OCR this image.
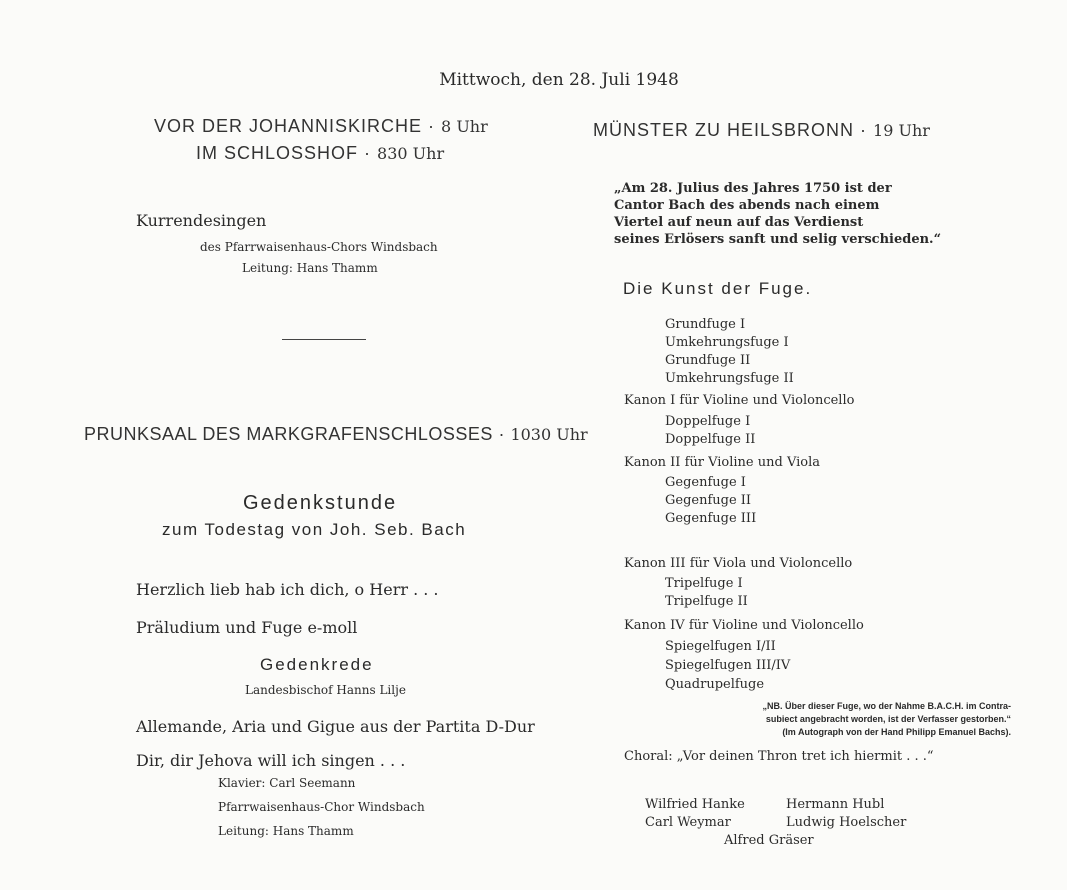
Mittwoch, den 28. Juli 1948
VOR DER JOHANNISKIRCHE · 8 Uhr
IM SCHLOSSHOF · 830 Uhr
Kurrendesingen
des Pfarrwaisenhaus-Chors Windsbach
Leitung: Hans Thamm
PRUNKSAAL DES MARKGRAFENSCHLOSSES · 1030 Uhr
Gedenkstunde
zum Todestag von Joh. Seb. Bach
Herzlich lieb hab ich dich, o Herr . . .
Präludium und Fuge e-moll
Gedenkrede
Landesbischof Hanns Lilje
Allemande, Aria und Gigue aus der Partita D-Dur
Dir, dir Jehova will ich singen . . .
Klavier: Carl Seemann
Pfarrwaisenhaus-Chor Windsbach
Leitung: Hans Thamm
MÜNSTER ZU HEILSBRONN · 19 Uhr
„Am 28. Julius des Jahres 1750 ist der
Cantor Bach des abends nach einem
Viertel auf neun auf das Verdienst
seines Erlösers sanft und selig verschieden.“
Die Kunst der Fuge.
Grundfuge I
Umkehrungsfuge I
Grundfuge II
Umkehrungsfuge II
Kanon I für Violine und Violoncello
Doppelfuge I
Doppelfuge II
Kanon II für Violine und Viola
Gegenfuge I
Gegenfuge II
Gegenfuge III
Kanon III für Viola und Violoncello
Tripelfuge I
Tripelfuge II
Kanon IV für Violine und Violoncello
Spiegelfugen I/II
Spiegelfugen III/IV
Quadrupelfuge
„NB. Über dieser Fuge, wo der Nahme B.A.C.H. im Contra-
subiect angebracht worden, ist der Verfasser gestorben.“
(Im Autograph von der Hand Philipp Emanuel Bachs).
Choral: „Vor deinen Thron tret ich hiermit . . .“
Wilfried Hanke	Hermann Hubl
Carl Weymar	Ludwig Hoelscher
Alfred Gräser
